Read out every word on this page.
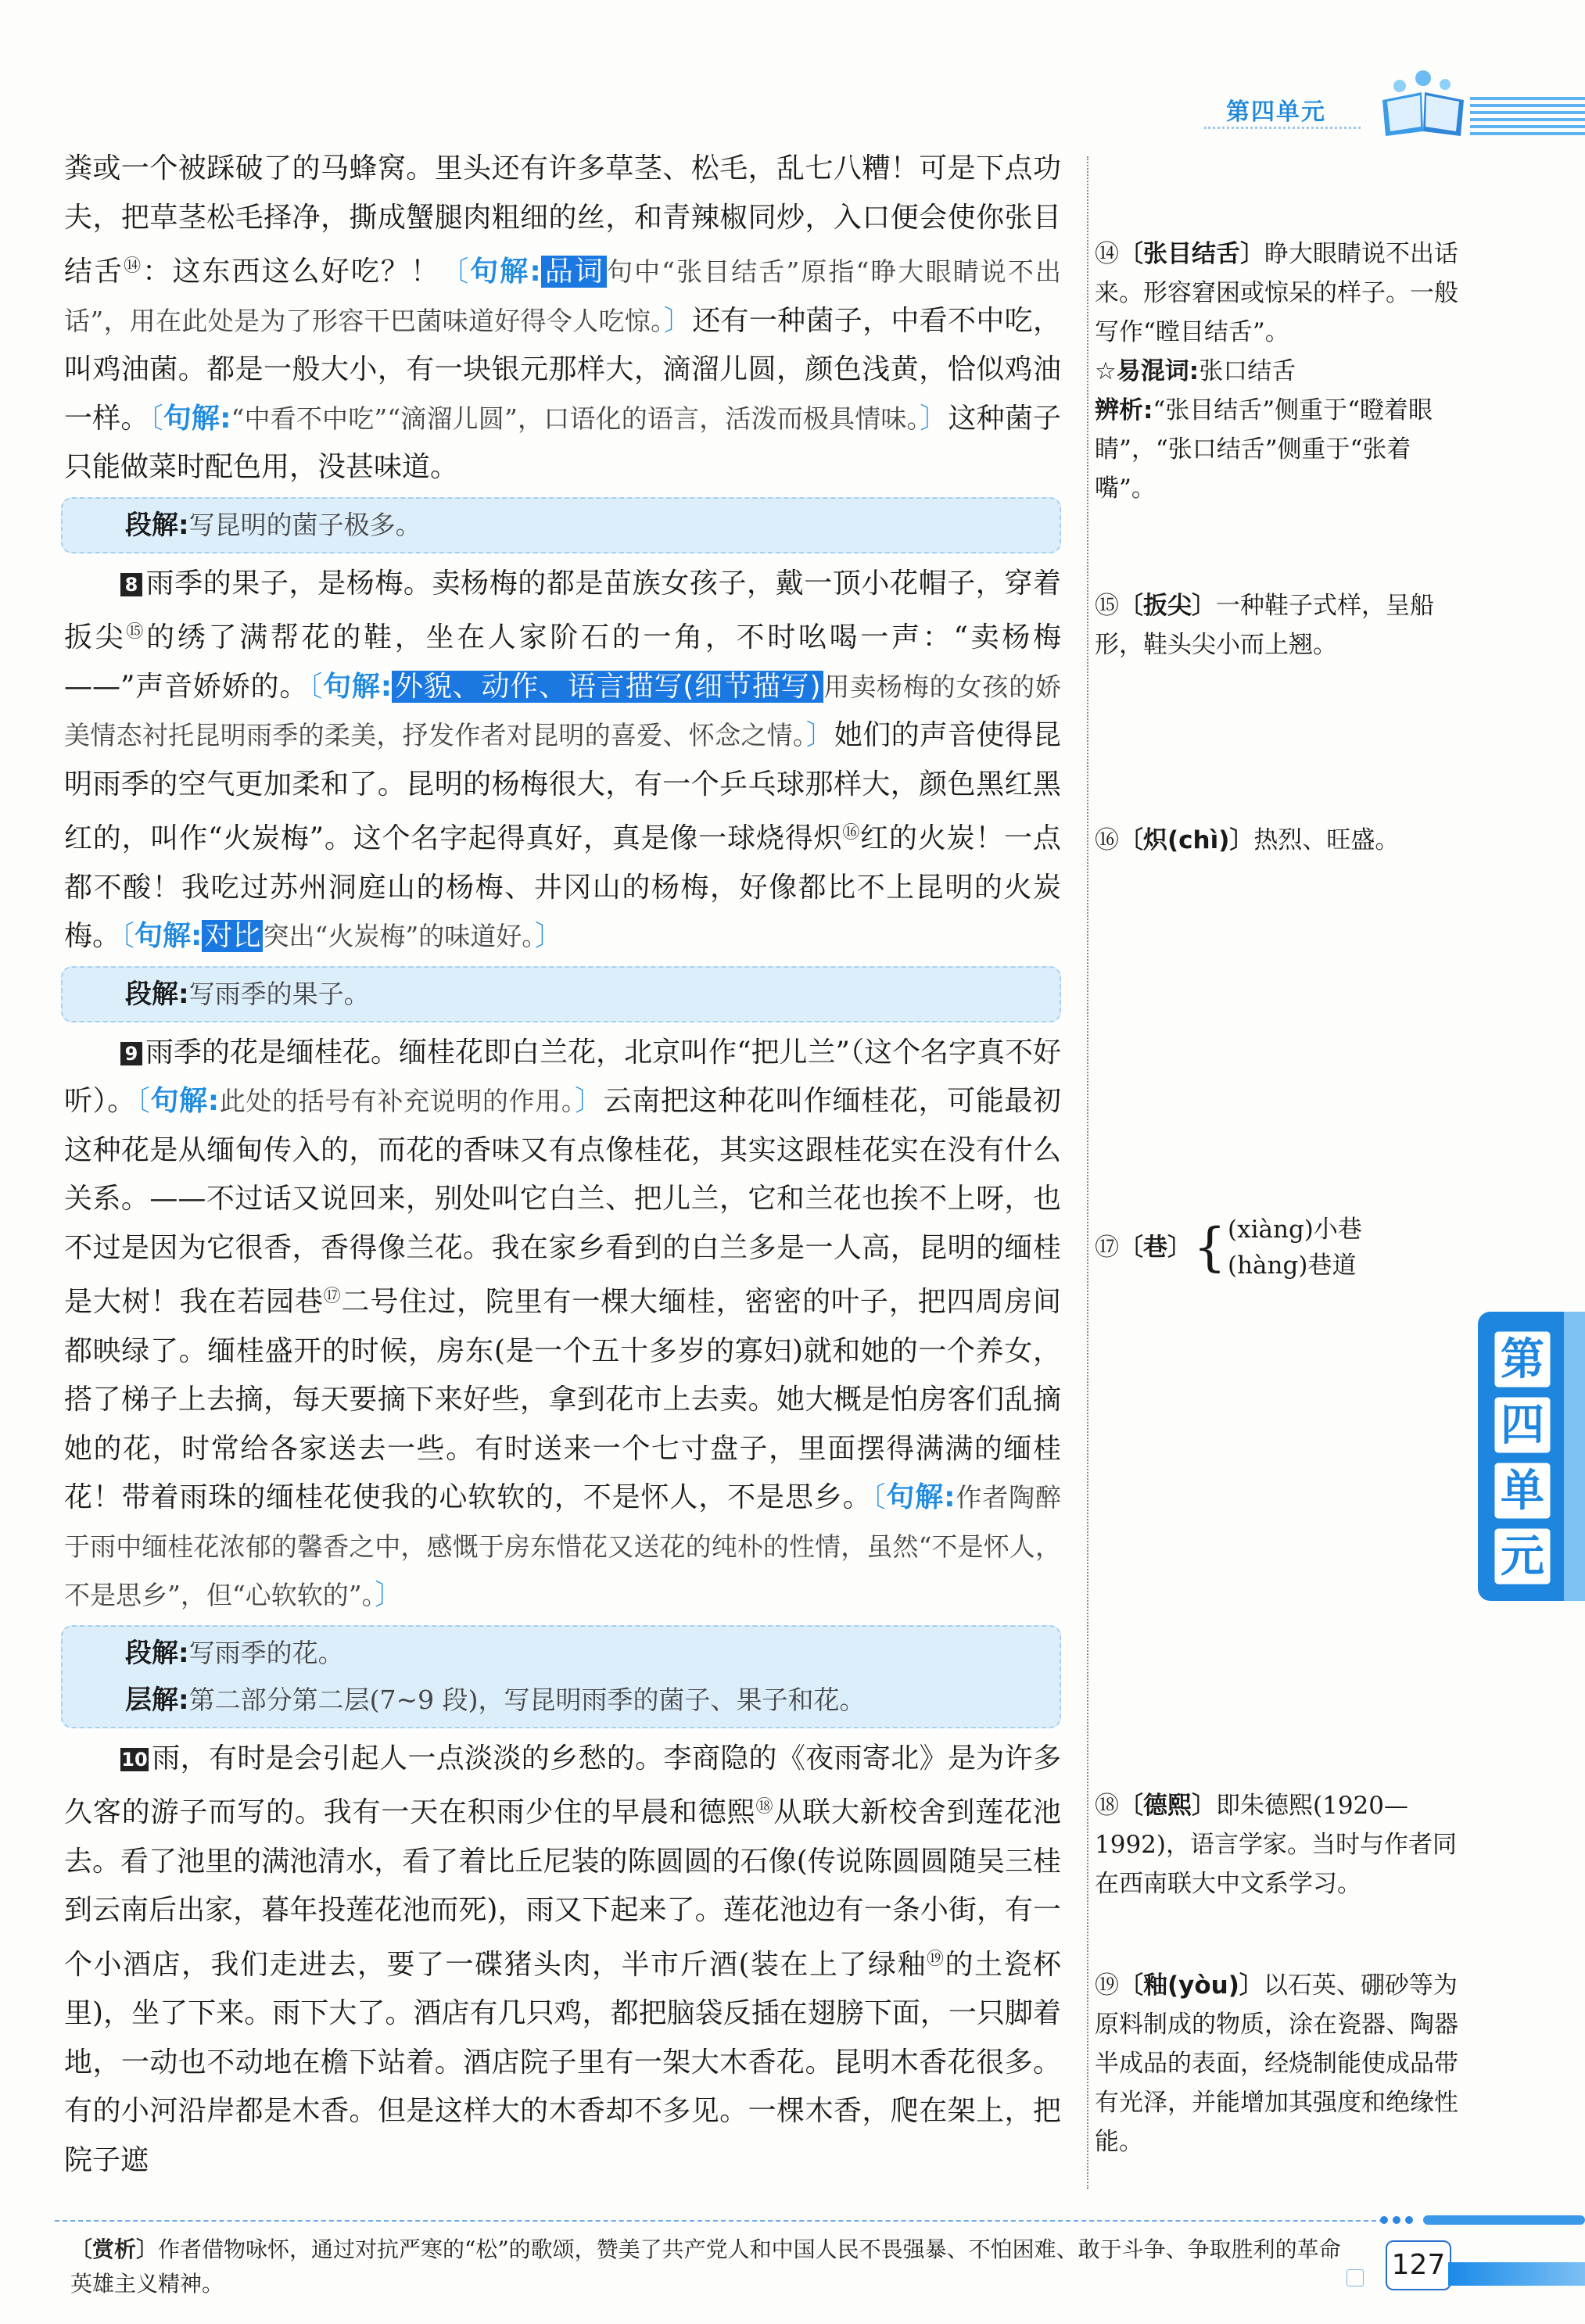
第四单元

粪或一个被踩破了的马蜂窝。里头还有许多草茎、松毛，乱七八糟！可是下点功夫，把草茎松毛择净，撕成蟹腿肉粗细的丝，和青辣椒同炒，入口便会使你张目结舌⑭：这东西这么好吃？！〔句解:品词句中“张目结舌”原指“睁大眼睛说不出话”，用在此处是为了形容干巴菌味道好得令人吃惊。〕还有一种菌子，中看不中吃，叫鸡油菌。都是一般大小，有一块银元那样大，滴溜儿圆，颜色浅黄，恰似鸡油一样。〔句解:“中看不中吃”“滴溜儿圆”，口语化的语言，活泼而极具情味。〕这种菌子只能做菜时配色用，没甚味道。

段解:写昆明的菌子极多。

8 雨季的果子，是杨梅。卖杨梅的都是苗族女孩子，戴一顶小花帽子，穿着扳尖⑮的绣了满帮花的鞋，坐在人家阶石的一角，不时吆喝一声：“卖杨梅——”声音娇娇的。〔句解:外貌、动作、语言描写(细节描写)用卖杨梅的女孩的娇美情态衬托昆明雨季的柔美，抒发作者对昆明的喜爱、怀念之情。〕她们的声音使得昆明雨季的空气更加柔和了。昆明的杨梅很大，有一个乒乓球那样大，颜色黑红黑红的，叫作“火炭梅”。这个名字起得真好，真是像一球烧得炽⑯红的火炭！一点都不酸！我吃过苏州洞庭山的杨梅、井冈山的杨梅，好像都比不上昆明的火炭梅。〔句解:对比突出“火炭梅”的味道好。〕

段解:写雨季的果子。

9 雨季的花是缅桂花。缅桂花即白兰花，北京叫作“把儿兰”（这个名字真不好听）。〔句解:此处的括号有补充说明的作用。〕云南把这种花叫作缅桂花，可能最初这种花是从缅甸传入的，而花的香味又有点像桂花，其实这跟桂花实在没有什么关系。——不过话又说回来，别处叫它白兰、把儿兰，它和兰花也挨不上呀，也不过是因为它很香，香得像兰花。我在家乡看到的白兰多是一人高，昆明的缅桂是大树！我在若园巷⑰二号住过，院里有一棵大缅桂，密密的叶子，把四周房间都映绿了。缅桂盛开的时候，房东(是一个五十多岁的寡妇)就和她的一个养女，搭了梯子上去摘，每天要摘下来好些，拿到花市上去卖。她大概是怕房客们乱摘她的花，时常给各家送去一些。有时送来一个七寸盘子，里面摆得满满的缅桂花！带着雨珠的缅桂花使我的心软软的，不是怀人，不是思乡。〔句解:作者陶醉于雨中缅桂花浓郁的馨香之中，感慨于房东惜花又送花的纯朴的性情，虽然“不是怀人，不是思乡”，但“心软软的”。〕

段解:写雨季的花。
层解:第二部分第二层(7~9 段)，写昆明雨季的菌子、果子和花。

10 雨，有时是会引起人一点淡淡的乡愁的。李商隐的《夜雨寄北》是为许多久客的游子而写的。我有一天在积雨少住的早晨和德熙⑱从联大新校舍到莲花池去。看了池里的满池清水，看了着比丘尼装的陈圆圆的石像(传说陈圆圆随吴三桂到云南后出家，暮年投莲花池而死)，雨又下起来了。莲花池边有一条小街，有一个小酒店，我们走进去，要了一碟猪头肉，半市斤酒(装在上了绿釉⑲的土瓷杯里)，坐了下来。雨下大了。酒店有几只鸡，都把脑袋反插在翅膀下面，一只脚着地，一动也不动地在檐下站着。酒店院子里有一架大木香花。昆明木香花很多。有的小河沿岸都是木香。但是这样大的木香却不多见。一棵木香，爬在架上，把院子遮

⑭〔张目结舌〕睁大眼睛说不出话来。形容窘困或惊呆的样子。一般写作“瞠目结舌”。
☆易混词:张口结舌
辨析:“张目结舌”侧重于“瞪着眼睛”，“张口结舌”侧重于“张着嘴”。
⑮〔扳尖〕一种鞋子式样，呈船形，鞋头尖小而上翘。
⑯〔炽(chì)〕热烈、旺盛。
⑰〔巷〕	{	(xiàng)小巷
(hàng)巷道
⑱〔德熙〕即朱德熙(1920—1992)，语言学家。当时与作者同在西南联大中文系学习。
⑲〔釉(yòu)〕以石英、硼砂等为原料制成的物质，涂在瓷器、陶器半成品的表面，经烧制能使成品带有光泽，并能增加其强度和绝缘性能。
第
四
单
元
〔赏析〕作者借物咏怀，通过对抗严寒的“松”的歌颂，赞美了共产党人和中国人民不畏强暴、不怕困难、敢于斗争、争取胜利的革命英雄主义精神。
127
